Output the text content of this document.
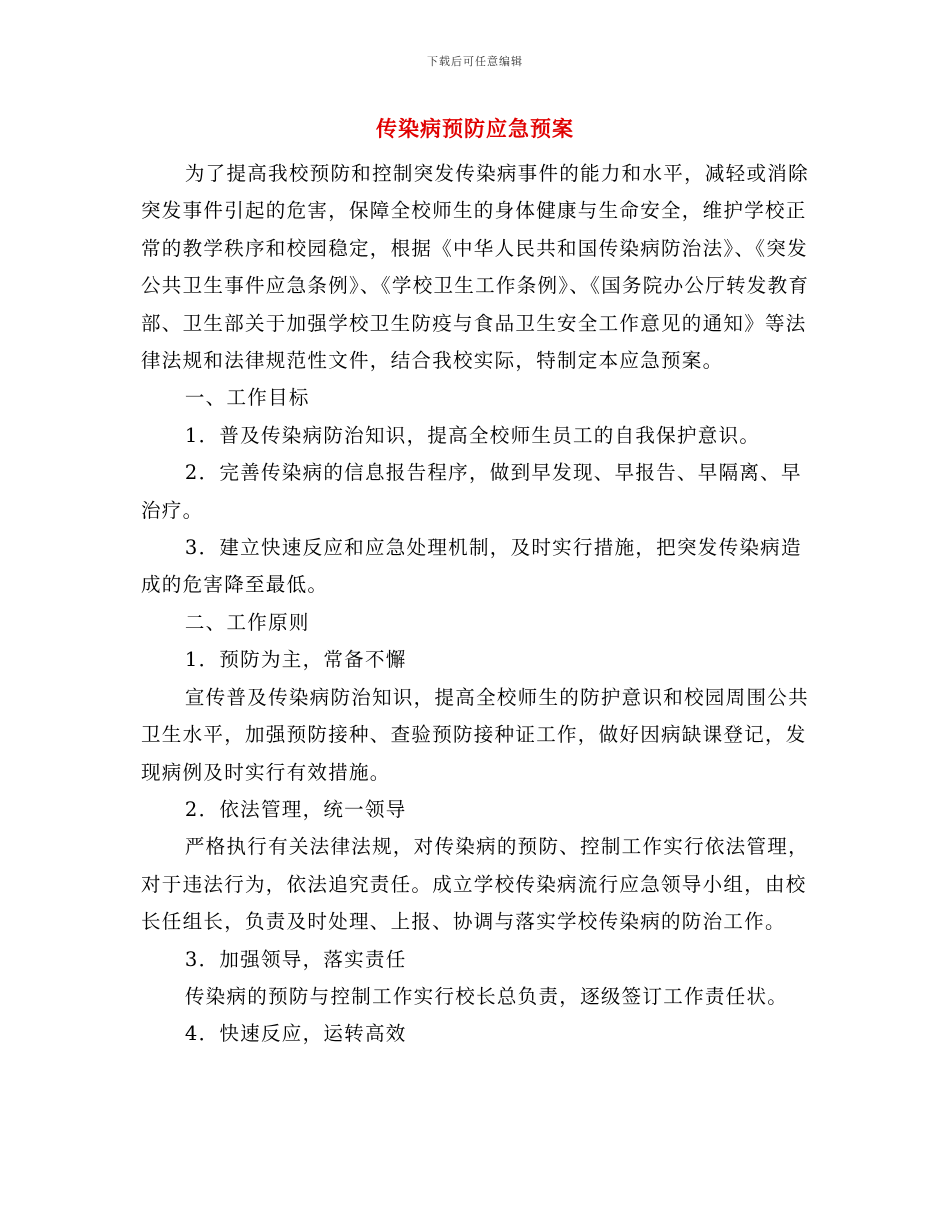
下载后可任意编辑
传染病预防应急预案

为了提高我校预防和控制突发传染病事件的能力和水平，减轻或消除突发事件引起的危害，保障全校师生的身体健康与生命安全，维护学校正常的教学秩序和校园稳定，根据《中华人民共和国传染病防治法》、《突发公共卫生事件应急条例》、《学校卫生工作条例》、《国务院办公厅转发教育部、卫生部关于加强学校卫生防疫与食品卫生安全工作意见的通知》等法律法规和法律规范性文件，结合我校实际，特制定本应急预案。

一、工作目标

1．普及传染病防治知识，提高全校师生员工的自我保护意识。

2．完善传染病的信息报告程序，做到早发现、早报告、早隔离、早治疗。

3．建立快速反应和应急处理机制，及时实行措施，把突发传染病造成的危害降至最低。

二、工作原则

1．预防为主，常备不懈

宣传普及传染病防治知识，提高全校师生的防护意识和校园周围公共卫生水平，加强预防接种、查验预防接种证工作，做好因病缺课登记，发现病例及时实行有效措施。

2．依法管理，统一领导

严格执行有关法律法规，对传染病的预防、控制工作实行依法管理，对于违法行为，依法追究责任。成立学校传染病流行应急领导小组，由校长任组长，负责及时处理、上报、协调与落实学校传染病的防治工作。

3．加强领导，落实责任

传染病的预防与控制工作实行校长总负责，逐级签订工作责任状。

4．快速反应，运转高效
